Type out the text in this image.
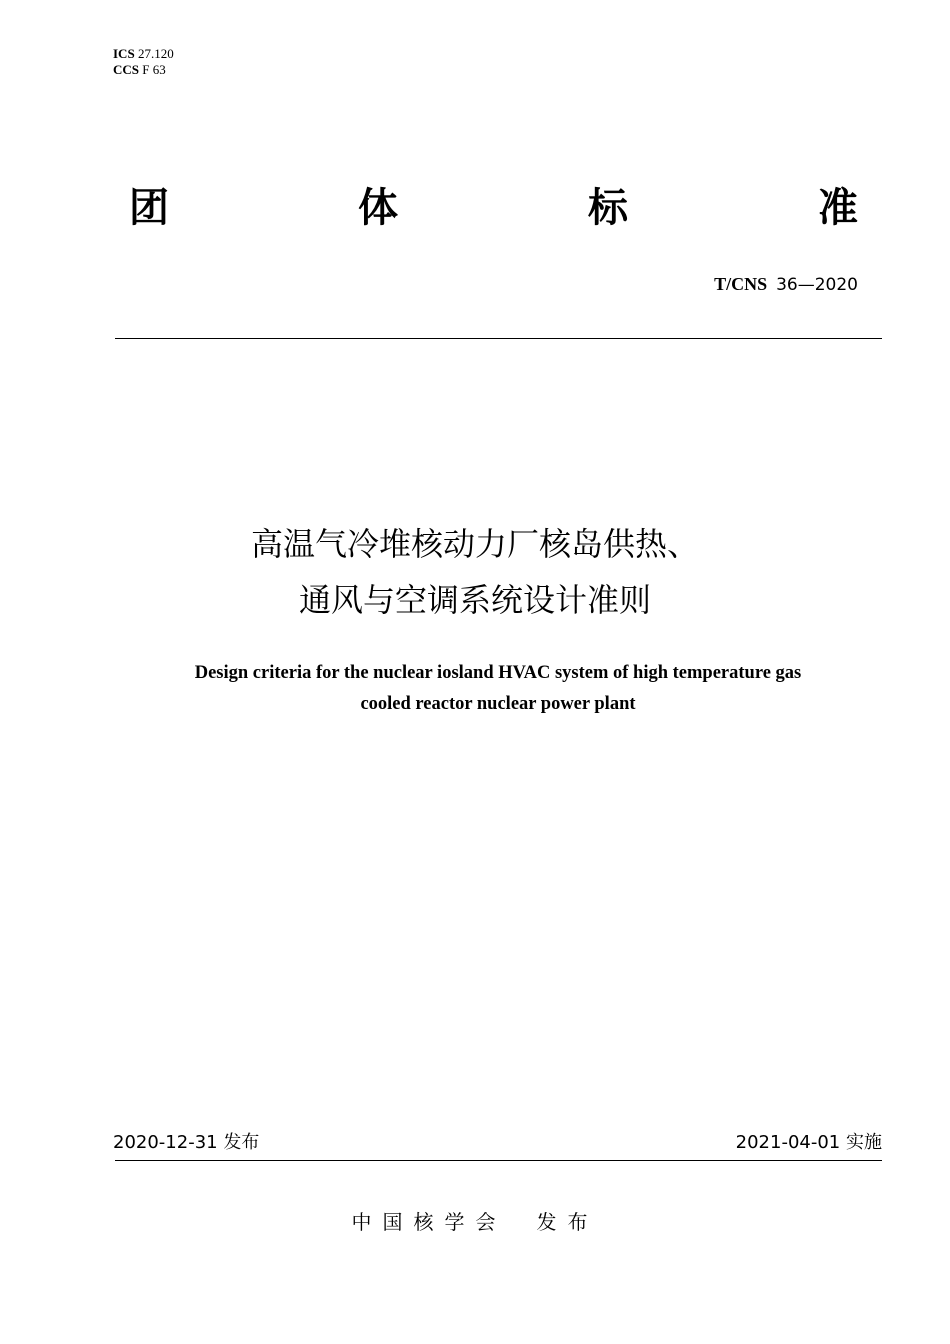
ICS 27.120
CCS F 63
团	体	标	准
T/CNS 36—2020
高温气冷堆核动力厂核岛供热、
通风与空调系统设计准则
Design criteria for the nuclear iosland HVAC system of high temperature gas
cooled reactor nuclear power plant
2020-12-31 发布	2021-04-01 实施
中国核学会 发布
